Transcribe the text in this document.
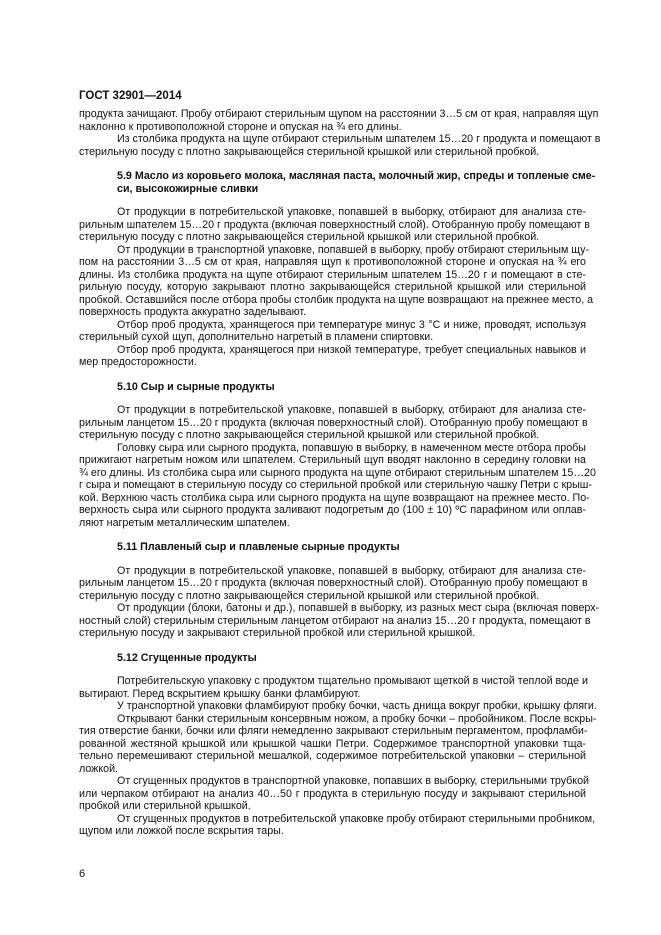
ГОСТ 32901—2014
продукта зачищают. Пробу отбирают стерильным щупом на расстоянии 3…5 см от края, направляя щуп
наклонно к противоположной стороне и опуская на ¾ его длины.
Из столбика продукта на щупе отбирают стерильным шпателем 15…20 г продукта и помещают в
стерильную посуду с плотно закрывающейся стерильной крышкой или стерильной пробкой.
5.9 Масло из коровьего молока, масляная паста, молочный жир, спреды и топленые сме-
си, высокожирные сливки
От продукции в потребительской упаковке, попавшей в выборку, отбирают для анализа сте-
рильным шпателем 15…20 г продукта (включая поверхностный слой). Отобранную пробу помещают в
стерильную посуду с плотно закрывающейся стерильной крышкой или стерильной пробкой.
От продукции в транспортной упаковке, попавшей в выборку, пробу отбирают стерильным щу-
пом на расстоянии 3…5 см от края, направляя щуп к противоположной стороне и опуская на ¾ его
длины. Из столбика продукта на щупе отбирают стерильным шпателем 15…20 г и помещают в сте-
рильную посуду, которую закрывают плотно закрывающейся стерильной крышкой или стерильной
пробкой. Оставшийся после отбора пробы столбик продукта на щупе возвращают на прежнее место, а
поверхность продукта аккуратно заделывают.
Отбор проб продукта, хранящегося при температуре минус 3 °С и ниже, проводят, используя
стерильный сухой щуп, дополнительно нагретый в пламени спиртовки.
Отбор проб продукта, хранящегося при низкой температуре, требует специальных навыков и
мер предосторожности.
5.10 Сыр и сырные продукты
От продукции в потребительской упаковке, попавшей в выборку, отбирают для анализа сте-
рильным ланцетом 15…20 г продукта (включая поверхностный слой). Отобранную пробу помещают в
стерильную посуду с плотно закрывающейся стерильной крышкой или стерильной пробкой.
Головку сыра или сырного продукта, попавшую в выборку, в намеченном месте отбора пробы
прижигают нагретым ножом или шпателем. Стерильный щуп вводят наклонно в середину головки на
¾ его длины. Из столбика сыра или сырного продукта на щупе отбирают стерильным шпателем 15…20
г сыра и помещают в стерильную посуду со стерильной пробкой или стерильную чашку Петри с крыш-
кой. Верхнюю часть столбика сыра или сырного продукта на щупе возвращают на прежнее место. По-
верхность сыра или сырного продукта заливают подогретым до (100 ± 10) ºС парафином или оплав-
ляют нагретым металлическим шпателем.
5.11 Плавленый сыр и плавленые сырные продукты
От продукции в потребительской упаковке, попавшей в выборку, отбирают для анализа сте-
рильным ланцетом 15…20 г продукта (включая поверхностный слой). Отобранную пробу помещают в
стерильную посуду с плотно закрывающейся стерильной крышкой или стерильной пробкой.
От продукции (блоки, батоны и др.), попавшей в выборку, из разных мест сыра (включая поверх-
ностный слой) стерильным стерильным ланцетом отбирают на анализ 15…20 г продукта, помещают в
стерильную посуду и закрывают стерильной пробкой или стерильной крышкой.
5.12 Сгущенные продукты
Потребительскую упаковку с продуктом тщательно промывают щеткой в чистой теплой воде и
вытирают. Перед вскрытием крышку банки фламбируют.
У транспортной упаковки фламбируют пробку бочки, часть днища вокруг пробки, крышку фляги.
Открывают банки стерильным консервным ножом, а пробку бочки – пробойником. После вскры-
тия отверстие банки, бочки или фляги немедленно закрывают стерильным пергаментом, профламби-
рованной жестяной крышкой или крышкой чашки Петри. Содержимое транспортной упаковки тща-
тельно перемешивают стерильной мешалкой, содержимое потребительской упаковки – стерильной
ложкой.
От сгущенных продуктов в транспортной упаковке, попавших в выборку, стерильными трубкой
или черпаком отбирают на анализ 40…50 г продукта в стерильную посуду и закрывают стерильной
пробкой или стерильной крышкой.
От сгущенных продуктов в потребительской упаковке пробу отбирают стерильными пробником,
щупом или ложкой после вскрытия тары.
6
